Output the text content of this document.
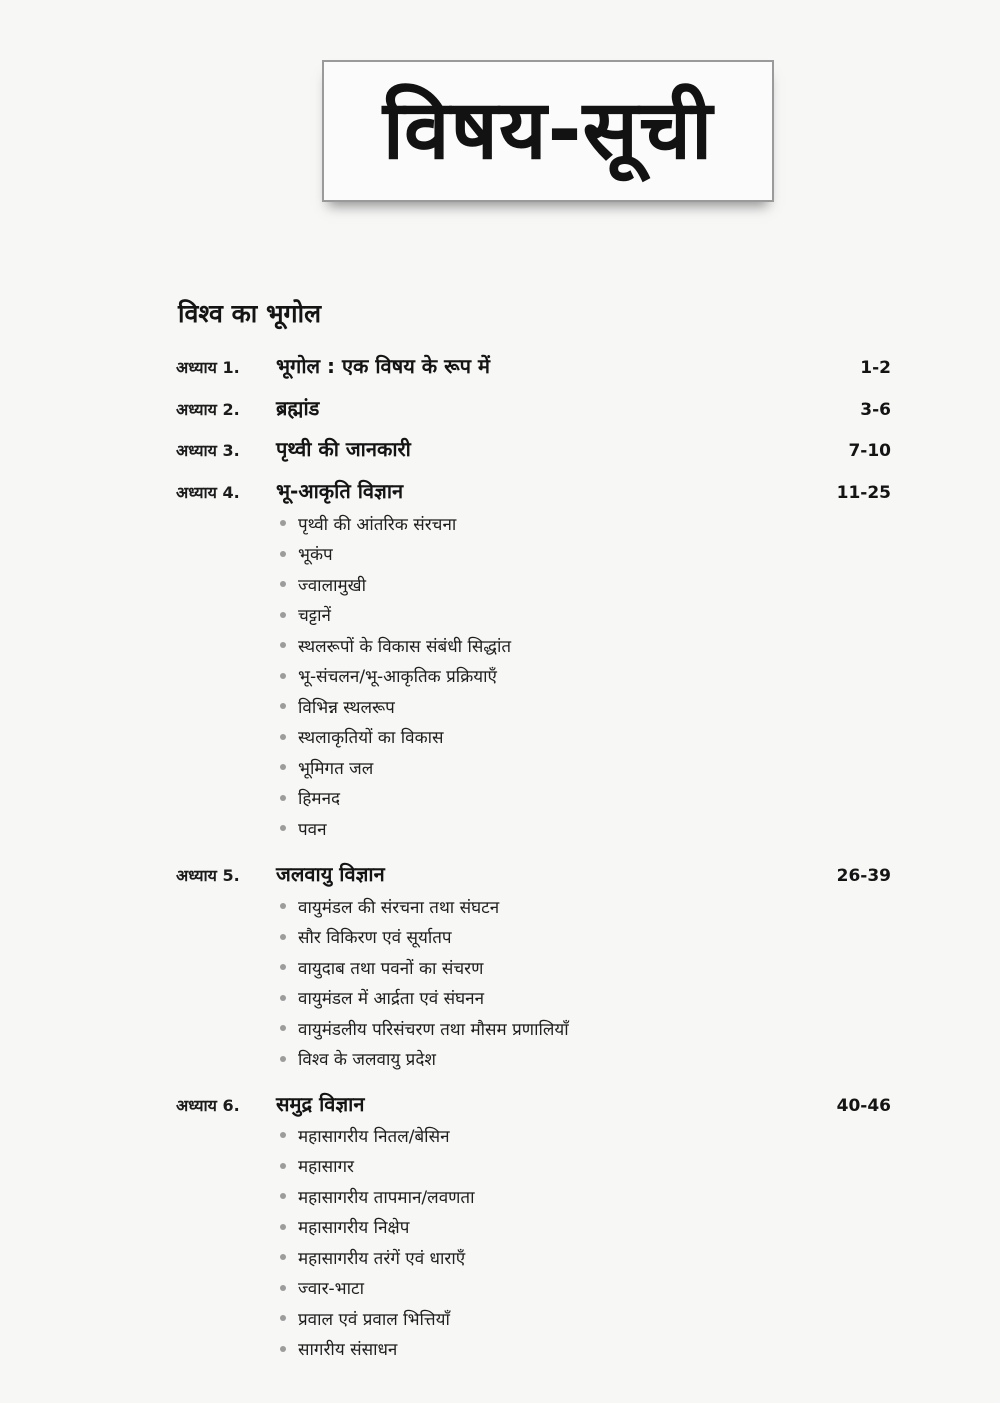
विषय-सूची
विश्व का भूगोल
अध्याय 1. भूगोल : एक विषय के रूप में	1-2
अध्याय 2. ब्रह्मांड	3-6
अध्याय 3. पृथ्वी की जानकारी	7-10
अध्याय 4. भू-आकृति विज्ञान	11-25
पृथ्वी की आंतरिक संरचना
भूकंप
ज्वालामुखी
चट्टानें
स्थलरूपों के विकास संबंधी सिद्धांत
भू-संचलन/भू-आकृतिक प्रक्रियाएँ
विभिन्न स्थलरूप
स्थलाकृतियों का विकास
भूमिगत जल
हिमनद
पवन
अध्याय 5. जलवायु विज्ञान	26-39
वायुमंडल की संरचना तथा संघटन
सौर विकिरण एवं सूर्यातप
वायुदाब तथा पवनों का संचरण
वायुमंडल में आर्द्रता एवं संघनन
वायुमंडलीय परिसंचरण तथा मौसम प्रणालियाँ
विश्व के जलवायु प्रदेश
अध्याय 6. समुद्र विज्ञान	40-46
महासागरीय नितल/बेसिन
महासागर
महासागरीय तापमान/लवणता
महासागरीय निक्षेप
महासागरीय तरंगें एवं धाराएँ
ज्वार-भाटा
प्रवाल एवं प्रवाल भित्तियाँ
सागरीय संसाधन
